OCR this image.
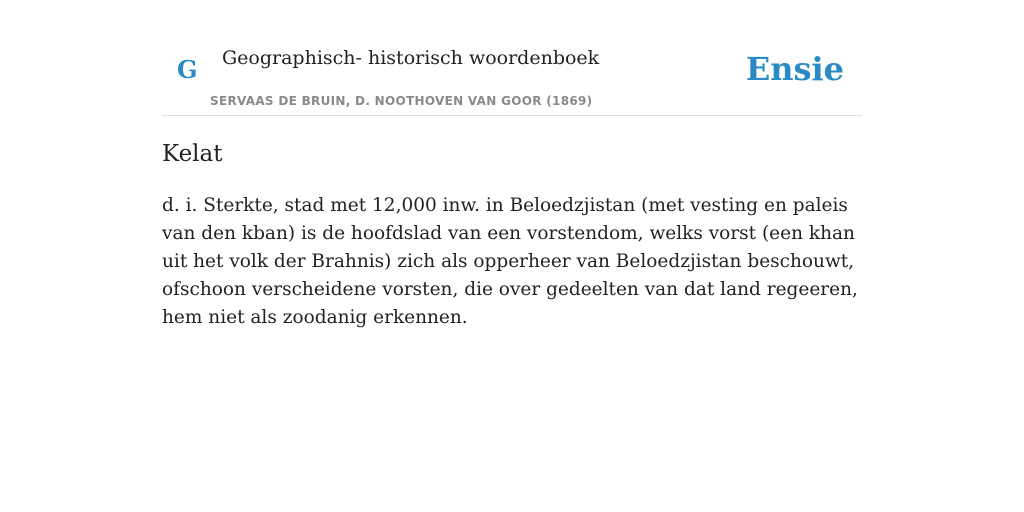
G Geographisch- historisch woordenboek
SERVAAS DE BRUIN, D. NOOTHOVEN VAN GOOR (1869)
Ensie
Kelat

d. i. Sterkte, stad met 12,000 inw. in Beloedzjistan (met vesting en paleis van den kban) is de hoofdslad van een vorstendom, welks vorst (een khan uit het volk der Brahnis) zich als opperheer van Beloedzjistan beschouwt, ofschoon verscheidene vorsten, die over gedeelten van dat land regeeren, hem niet als zoodanig erkennen.
